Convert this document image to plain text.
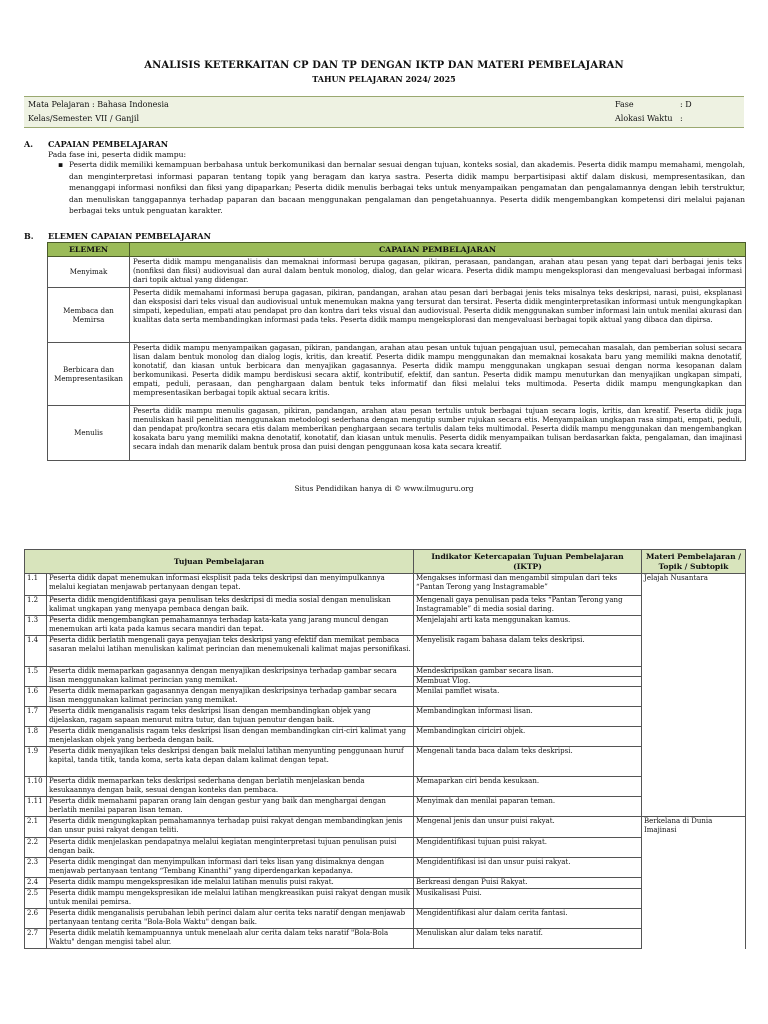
ANALISIS KETERKAITAN CP DAN TP DENGAN IKTP DAN MATERI PEMBELAJARAN
TAHUN PELAJARAN 2024/ 2025
Mata Pelajaran : Bahasa Indonesia
Kelas/Semester
: VII / Ganjil
Fase	: D
Alokasi Waktu :
A. CAPAIAN PEMBELAJARAN
Pada fase ini, peserta didik mampu:
▪ Peserta didik memiliki kemampuan berbahasa untuk berkomunikasi dan bernalar sesuai dengan tujuan, konteks sosial, dan akademis. Peserta didik mampu memahami, mengolah, dan menginterpretasi informasi paparan tentang topik yang beragam dan karya sastra. Peserta didik mampu berpartisipasi aktif dalam diskusi, mempresentasikan, dan menanggapi informasi nonfiksi dan fiksi yang dipaparkan; Peserta didik menulis berbagai teks untuk menyampaikan pengamatan dan pengalamannya dengan lebih terstruktur, dan menuliskan tanggapannya terhadap paparan dan bacaan menggunakan pengalaman dan pengetahuannya. Peserta didik mengembangkan kompetensi diri melalui pajanan berbagai teks untuk penguatan karakter.
B. ELEMEN CAPAIAN PEMBELAJARAN
ELEMEN	CAPAIAN PEMBELAJARAN
Menyimak	Peserta didik mampu menganalisis dan memaknai informasi berupa gagasan, pikiran, perasaan, pandangan, arahan atau pesan yang tepat dari berbagai jenis teks (nonfiksi dan fiksi) audiovisual dan aural dalam bentuk monolog, dialog, dan gelar wicara. Peserta didik mampu mengeksplorasi dan mengevaluasi berbagai informasi dari topik aktual yang didengar.
Membaca dan Memirsa	Peserta didik memahami informasi berupa gagasan, pikiran, pandangan, arahan atau pesan dari berbagai jenis teks misalnya teks deskripsi, narasi, puisi, eksplanasi dan eksposisi dari teks visual dan audiovisual untuk menemukan makna yang tersurat dan tersirat. Peserta didik menginterpretasikan informasi untuk mengungkapkan simpati, kepedulian, empati atau pendapat pro dan kontra dari teks visual dan audiovisual. Peserta didik menggunakan sumber informasi lain untuk menilai akurasi dan kualitas data serta membandingkan informasi pada teks. Peserta didik mampu mengeksplorasi dan mengevaluasi berbagai topik aktual yang dibaca dan dipirsa.
Berbicara dan Mempresentasikan	Peserta didik mampu menyampaikan gagasan, pikiran, pandangan, arahan atau pesan untuk tujuan pengajuan usul, pemecahan masalah, dan pemberian solusi secara lisan dalam bentuk monolog dan dialog logis, kritis, dan kreatif. Peserta didik mampu menggunakan dan memaknai kosakata baru yang memiliki makna denotatif, konotatif, dan kiasan untuk berbicara dan menyajikan gagasannya. Peserta didik mampu menggunakan ungkapan sesuai dengan norma kesopanan dalam berkomunikasi. Peserta didik mampu berdiskusi secara aktif, kontributif, efektif, dan santun. Peserta didik mampu menuturkan dan menyajikan ungkapan simpati, empati, peduli, perasaan, dan penghargaan dalam bentuk teks informatif dan fiksi melalui teks multimoda. Peserta didik mampu mengungkapkan dan mempresentasikan berbagai topik aktual secara kritis.
Menulis	Peserta didik mampu menulis gagasan, pikiran, pandangan, arahan atau pesan tertulis untuk berbagai tujuan secara logis, kritis, dan kreatif. Peserta didik juga menuliskan hasil penelitian menggunakan metodologi sederhana dengan mengutip sumber rujukan secara etis. Menyampaikan ungkapan rasa simpati, empati, peduli, dan pendapat pro/kontra secara etis dalam memberikan penghargaan secara tertulis dalam teks multimodal. Peserta didik mampu menggunakan dan mengembangkan kosakata baru yang memiliki makna denotatif, konotatif, dan kiasan untuk menulis. Peserta didik menyampaikan tulisan berdasarkan fakta, pengalaman, dan imajinasi secara indah dan menarik dalam bentuk prosa dan puisi dengan penggunaan kosa kata secara kreatif.
Situs Pendidikan hanya di © www.ilmuguru.org
Tujuan Pembelajaran		Indikator Ketercapaian Tujuan Pembelajaran (IKTP)	Materi Pembelajaran / Topik / Subtopik
1.1	Peserta didik dapat menemukan informasi eksplisit pada teks deskripsi dan menyimpulkannya melalui kegiatan menjawab pertanyaan dengan tepat.	Mengakses informasi dan mengambil simpulan dari teks “Pantan Terong yang Instagramable”	Jelajah Nusantara
1.2	Peserta didik mengidentifikasi gaya penulisan teks deskripsi di media sosial dengan menuliskan kalimat ungkapan yang menyapa pembaca dengan baik.	Mengenali gaya penulisan pada teks “Pantan Terong yang Instagramable” di media sosial daring.	
1.3	Peserta didik mengembangkan pemahamannya terhadap kata-kata yang jarang muncul dengan menemukan arti kata pada kamus secara mandiri dan tepat.	Menjelajahi arti kata menggunakan kamus.	
1.4	Peserta didik berlatih mengenali gaya penyajian teks deskripsi yang efektif dan memikat pembaca sasaran melalui latihan menuliskan kalimat perincian dan menemukenali kalimat majas personifikasi.	Menyelisik ragam bahasa dalam teks deskripsi.	
1.5	Peserta didik memaparkan gagasannya dengan menyajikan deskripsinya terhadap gambar secara lisan menggunakan kalimat perincian yang memikat.	Mendeskripsikan gambar secara lisan.	
		Membuat Vlog.	
1.6	Peserta didik memaparkan gagasannya dengan menyajikan deskripsinya terhadap gambar secara lisan menggunakan kalimat perincian yang memikat.	Menilai pamflet wisata.	
1.7	Peserta didik menganalisis ragam teks deskripsi lisan dengan membandingkan objek yang dijelaskan, ragam sapaan menurut mitra tutur, dan tujuan penutur dengan baik.	Membandingkan informasi lisan.	
1.8	Peserta didik menganalisis ragam teks deskripsi lisan dengan membandingkan ciri-ciri kalimat yang menjelaskan objek yang berbeda dengan baik.	Membandingkan ciriciri objek.	
1.9	Peserta didik menyajikan teks deskripsi dengan baik melalui latihan menyunting penggunaan huruf kapital, tanda titik, tanda koma, serta kata depan dalam kalimat dengan tepat.	Mengenali tanda baca dalam teks deskripsi.	
1.10	Peserta didik memaparkan teks deskripsi sederhana dengan berlatih menjelaskan benda kesukaannya dengan baik, sesuai dengan konteks dan pembaca.	Memaparkan ciri benda kesukaan.	
1.11	Peserta didik memahami paparan orang lain dengan gestur yang baik dan menghargai dengan berlatih menilai paparan lisan teman.	Menyimak dan menilai paparan teman.	
2.1	Peserta didik mengungkapkan pemahamannya terhadap puisi rakyat dengan membandingkan jenis dan unsur puisi rakyat dengan teliti.	Mengenal jenis dan unsur puisi rakyat.	Berkelana di Dunia Imajinasi
2.2	Peserta didik menjelaskan pendapatnya melalui kegiatan menginterpretasi tujuan penulisan puisi dengan baik.	Mengidentifikasi tujuan puisi rakyat.	
2.3	Peserta didik mengingat dan menyimpulkan informasi dari teks lisan yang disimaknya dengan menjawab pertanyaan tentang “Tembang Kinanthi” yang diperdengarkan kepadanya.	Mengidentifikasi isi dan unsur puisi rakyat.	
2.4	Peserta didik mampu mengekspresikan ide melalui latihan menulis puisi rakyat.	Berkreasi dengan Puisi Rakyat.	
2.5	Peserta didik mampu mengekspresikan ide melalui latihan mengkreasikan puisi rakyat dengan musik untuk menilai pemirsa.	Musikalisasi Puisi.	
2.6	Peserta didik menganalisis perubahan lebih perinci dalam alur cerita teks naratif dengan menjawab pertanyaan tentang cerita "Bola-Bola Waktu" dengan baik.	Mengidentifikasi alur dalam cerita fantasi.	
2.7	Peserta didik melatih kemampuannya untuk menelaah alur cerita dalam teks naratif "Bola-Bola Waktu" dengan mengisi tabel alur.	Menuliskan alur dalam teks naratif.	
